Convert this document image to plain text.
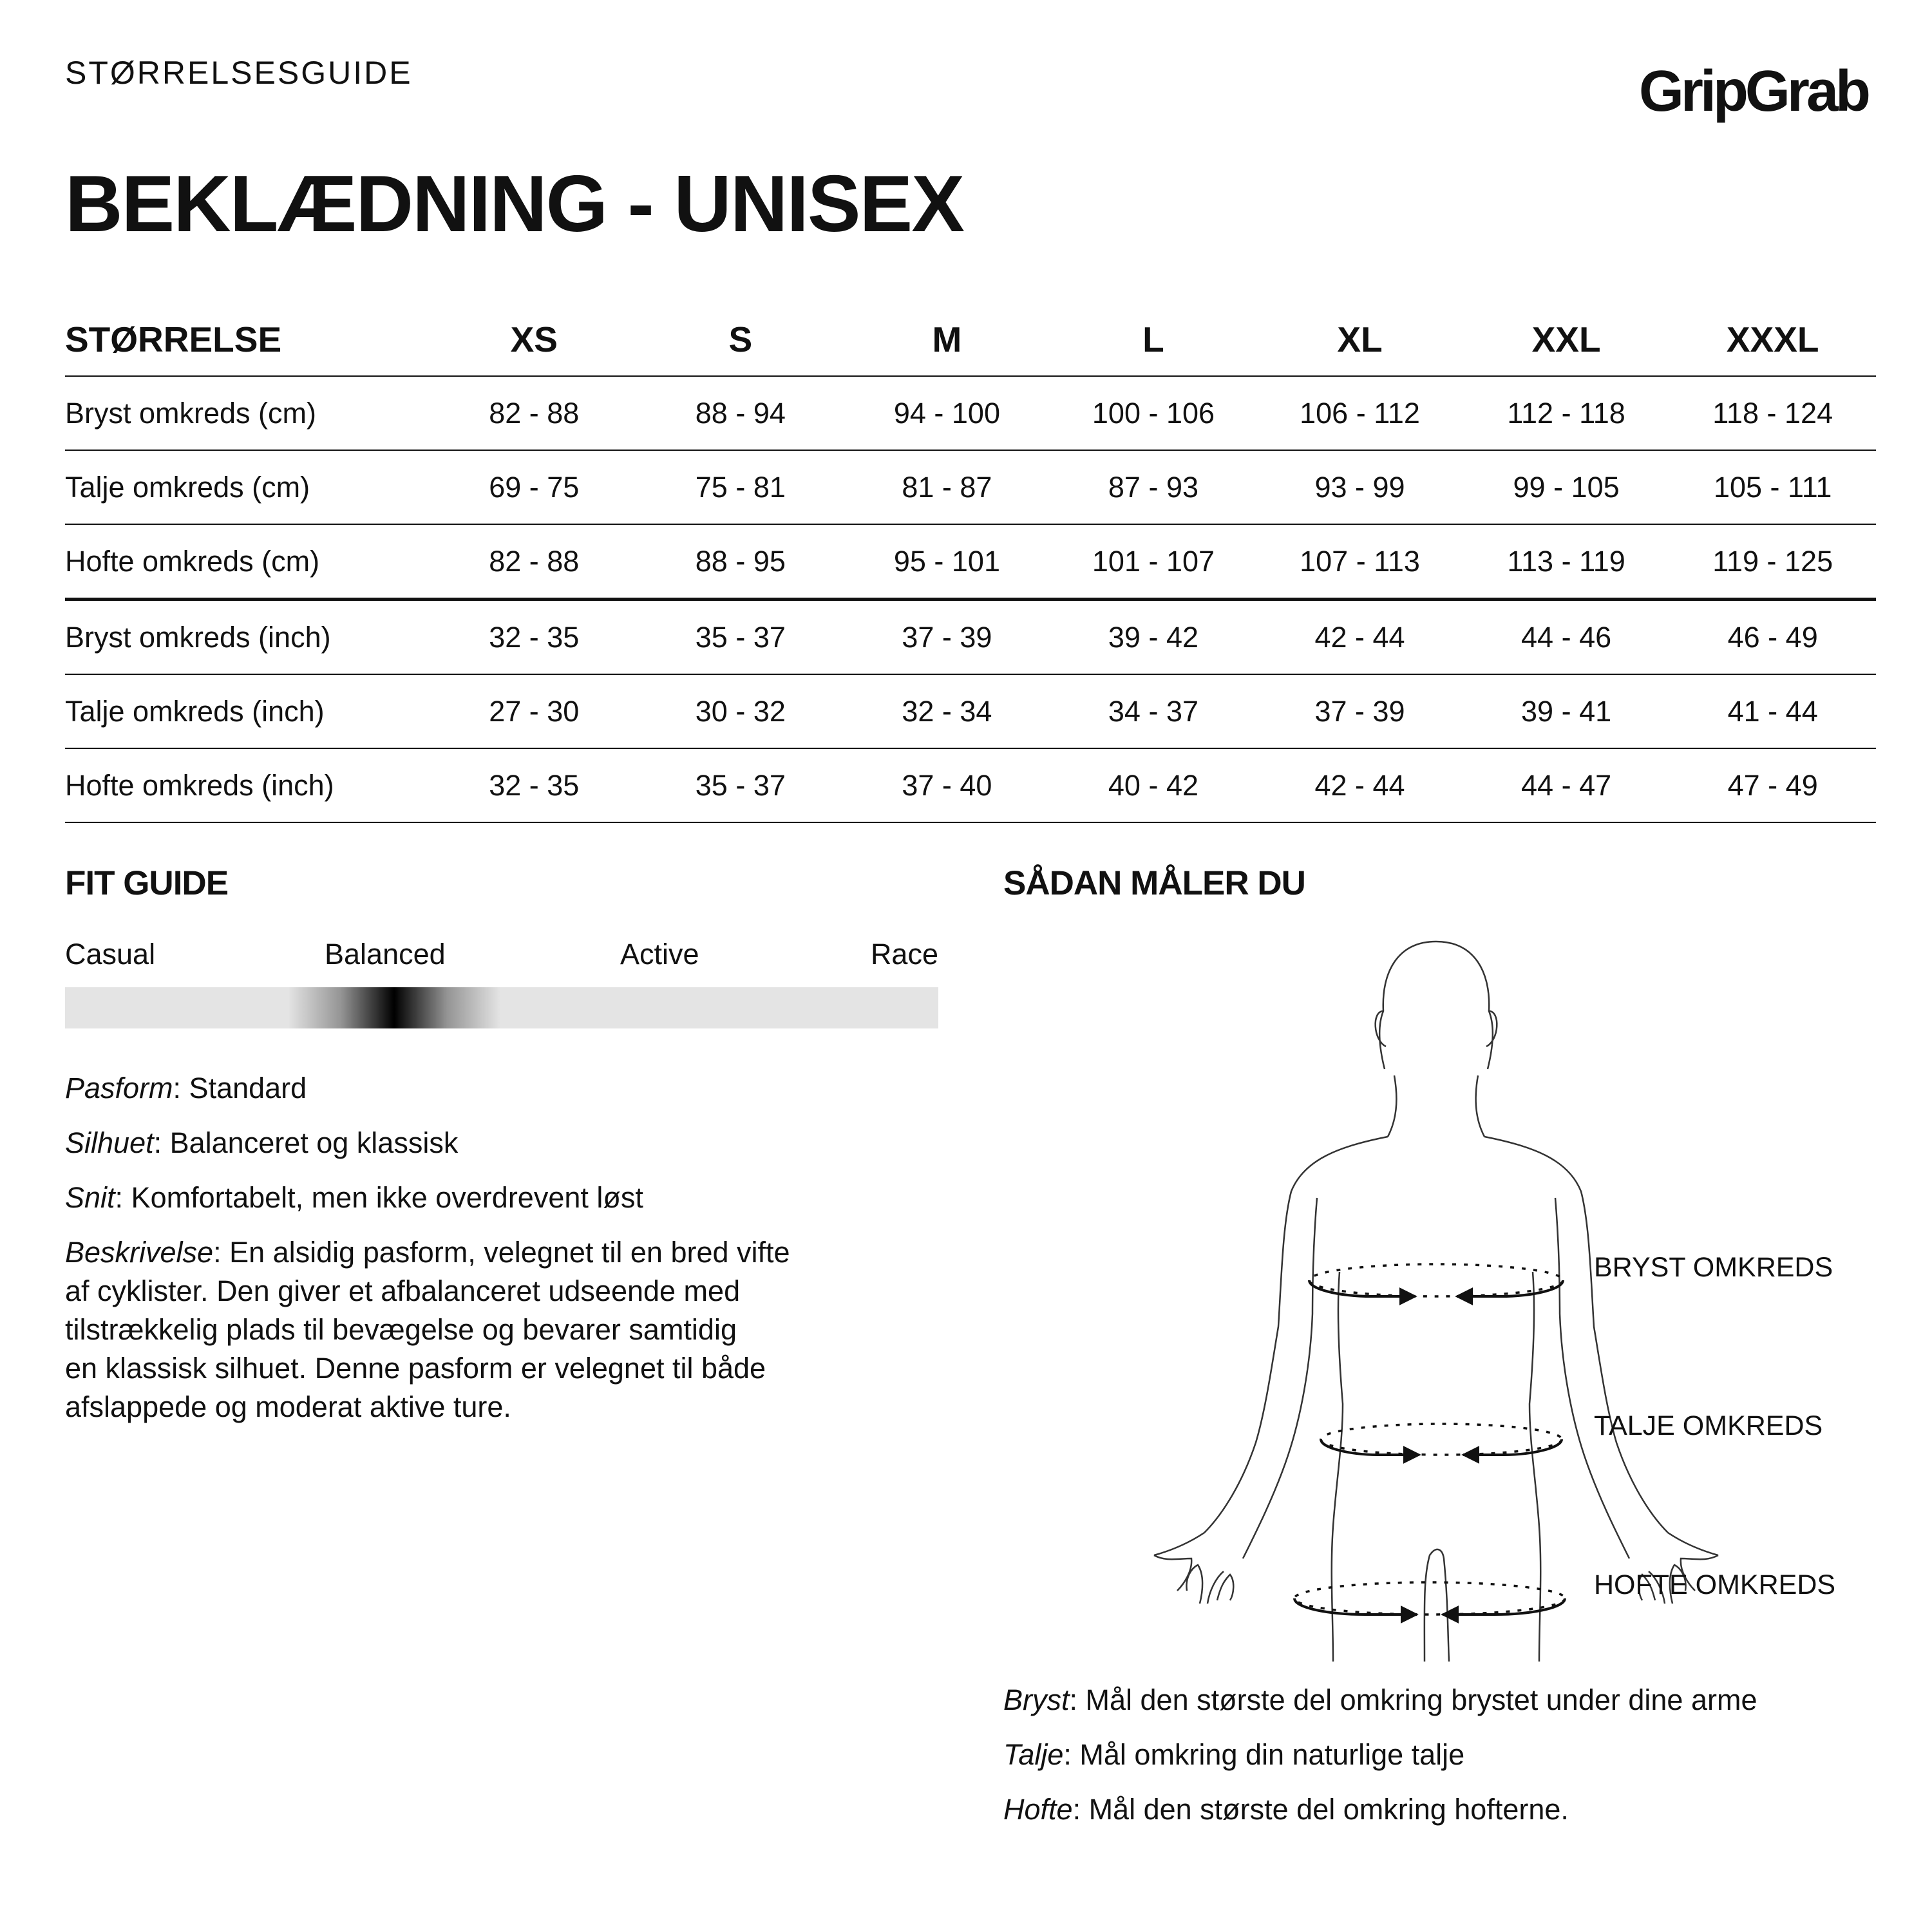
STØRRELSESGUIDE	GripGrab
BEKLÆDNING - UNISEX
STØRRELSE	XS	S	M	L	XL	XXL	XXXL
Bryst omkreds (cm)	82 - 88	88 - 94	94 - 100	100 - 106	106 - 112	112 - 118	118 - 124
Talje omkreds (cm)	69 - 75	75 - 81	81 - 87	87 - 93	93 - 99	99 - 105	105 - 111
Hofte omkreds (cm)	82 - 88	88 - 95	95 - 101	101 - 107	107 - 113	113 - 119	119 - 125
Bryst omkreds (inch)	32 - 35	35 - 37	37 - 39	39 - 42	42 - 44	44 - 46	46 - 49
Talje omkreds (inch)	27 - 30	30 - 32	32 - 34	34 - 37	37 - 39	39 - 41	41 - 44
Hofte omkreds (inch)	32 - 35	35 - 37	37 - 40	40 - 42	42 - 44	44 - 47	47 - 49
FIT GUIDE
Casual	Balanced	Active	Race
Pasform: Standard
Silhuet: Balanceret og klassisk
Snit: Komfortabelt, men ikke overdrevent løst
Beskrivelse: En alsidig pasform, velegnet til en bred vifte
af cyklister. Den giver et afbalanceret udseende med
tilstrækkelig plads til bevægelse og bevarer samtidig
en klassisk silhuet. Denne pasform er velegnet til både
afslappede og moderat aktive ture.
SÅDAN MÅLER DU
BRYST OMKREDS
TALJE OMKREDS
HOFTE OMKREDS
Bryst: Mål den største del omkring brystet under dine arme
Talje: Mål omkring din naturlige talje
Hofte: Mål den største del omkring hofterne.
